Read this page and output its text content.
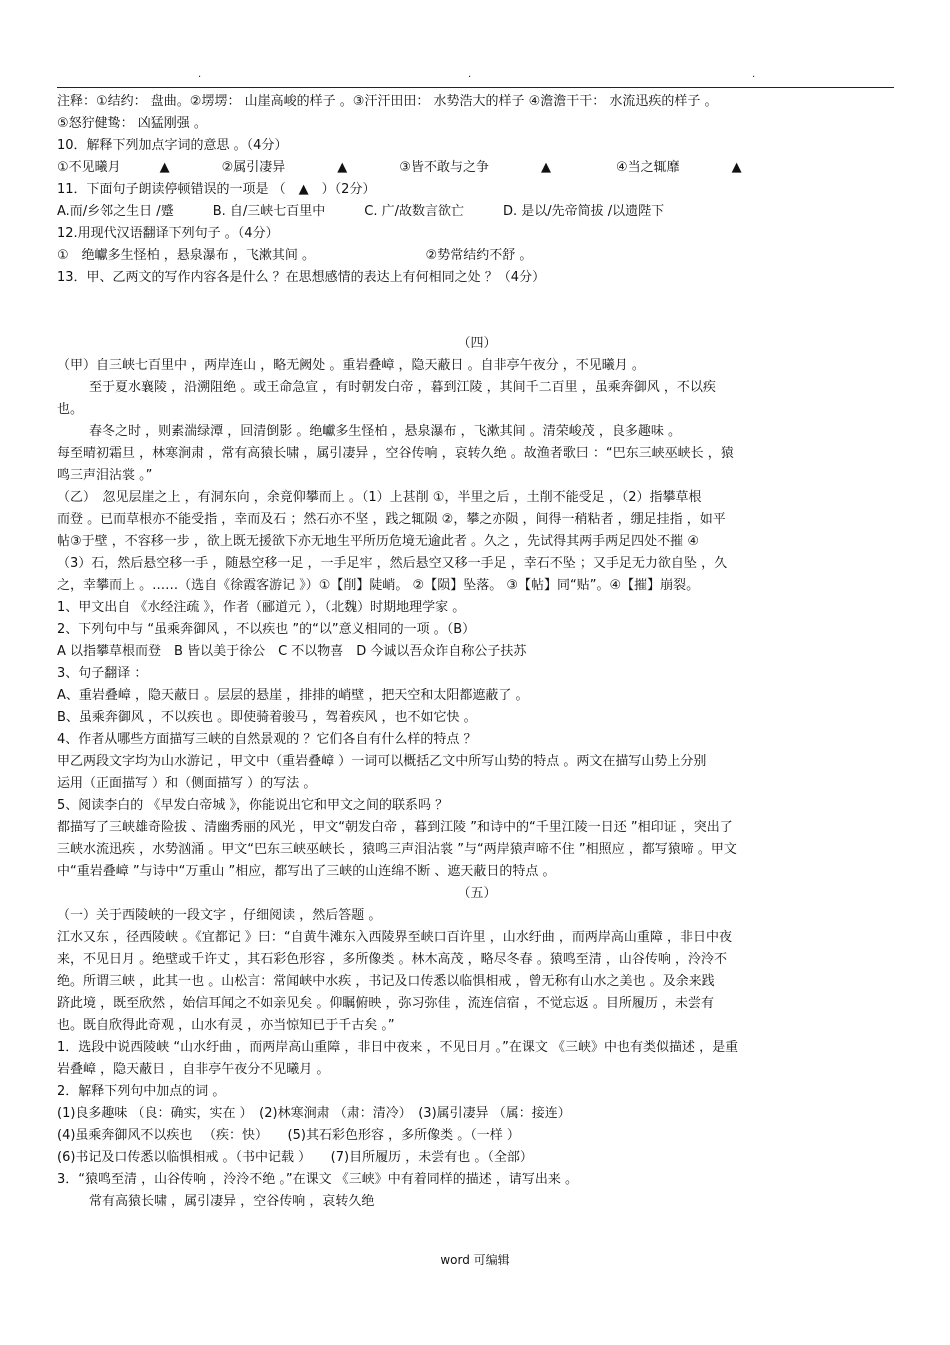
.	.	.
注释：①结约： 盘曲。②塄塄： 山崖高峻的样子 。③汗汗田田： 水势浩大的样子 ④澹澹干干： 水流迅疾的样子 。
⑤怒狞健鸷： 凶猛刚强 。
10．解释下列加点字词的意思 。（4分）
①不见曦月　　　▲　　　　②属引凄异　　　　▲　　　　③皆不敢与之争　　　　▲　　　　　④当之辄靡　　　　▲
11．下面句子朗读停顿错误的一项是 （　▲　）（2分）
A.而/乡邻之生日 /蹙　　　B. 自/三峡七百里中　　　C. 广/故数言欲亡　　　D. 是以/先帝简拔 /以遗陛下
12.用现代汉语翻译下列句子 。（4分）
①　绝巘多生怪柏 ，悬泉瀑布 ，飞漱其间 。　　　　　　　　　②势常结约不舒 。
13．甲、乙两文的写作内容各是什么 ？在思想感情的表达上有何相同之处 ？（4分）
（四）
（甲）自三峡七百里中 ，两岸连山 ，略无阙处 。重岩叠嶂 ，隐天蔽日 。自非亭午夜分 ，不见曦月 。
至于夏水襄陵 ，沿溯阻绝 。或王命急宣 ，有时朝发白帝 ，暮到江陵 ，其间千二百里 ，虽乘奔御风 ，不以疾
也。
春冬之时 ，则素湍绿潭 ，回清倒影 。绝巘多生怪柏 ，悬泉瀑布 ，飞漱其间 。清荣峻茂 ，良多趣味 。
每至晴初霜旦 ，林寒涧肃 ，常有高猿长啸 ，属引凄异 ，空谷传响 ，哀转久绝 。故渔者歌曰 ：“巴东三峡巫峡长 ，猿
鸣三声泪沾裳 。”
（乙）　忽见层崖之上 ，有洞东向 ，余竟仰攀而上 。（1）上甚削 ①，半里之后 ，土削不能受足 ，（2）指攀草根
而登 。已而草根亦不能受指 ，幸而及石 ；然石亦不坚 ，践之辄陨 ②，攀之亦陨 ，间得一稍粘者 ，绷足挂指 ，如平
帖③于壁 ，不容移一步 ，欲上既无援欲下亦无地生平所历危境无逾此者 。久之 ，先试得其两手两足四处不摧 ④
（3）石，然后悬空移一手 ，随悬空移一足 ，一手足牢 ，然后悬空又移一手足 ，幸石不坠 ；又手足无力欲自坠 ，久
之，幸攀而上 。……（选自《徐霞客游记 》）①【削】陡峭。 ②【陨】坠落。 ③【帖】同“贴”。④【摧】崩裂。
1、甲文出自 《水经注疏 》，作者（郦道元 ），（北魏）时期地理学家 。
2、下列句中与 “虽乘奔御风 ，不以疾也 ”的“以”意义相同的一项 。（B）
A 以指攀草根而登　B 皆以美于徐公　C 不以物喜　D 今诚以吾众诈自称公子扶苏
3、句子翻译 ：
A、重岩叠嶂 ，隐天蔽日 。层层的悬崖 ，排排的峭壁 ，把天空和太阳都遮蔽了 。
B、虽乘奔御风 ，不以疾也 。即使骑着骏马 ，驾着疾风 ，也不如它快 。
4、作者从哪些方面描写三峡的自然景观的 ？它们各自有什么样的特点 ？
甲乙两段文字均为山水游记 ，甲文中（重岩叠嶂 ）一词可以概括乙文中所写山势的特点 。两文在描写山势上分别
运用（正面描写 ）和（侧面描写 ）的写法 。
5、阅读李白的 《早发白帝城 》，你能说出它和甲文之间的联系吗 ？
都描写了三峡雄奇险拔 、清幽秀丽的风光 ，甲文“朝发白帝 ，暮到江陵 ”和诗中的“千里江陵一日还 ”相印证 ，突出了
三峡水流迅疾 ，水势汹涌 。甲文“巴东三峡巫峡长 ，猿鸣三声泪沾裳 ”与“两岸猿声啼不住 ”相照应 ，都写猿啼 。甲文
中“重岩叠嶂 ”与诗中“万重山 ”相应，都写出了三峡的山连绵不断 、遮天蔽日的特点 。
（五）
（一）关于西陵峡的一段文字 ，仔细阅读 ，然后答题 。
江水又东 ，径西陵峡 。《宜都记 》曰：“自黄牛滩东入西陵界至峡口百许里 ，山水纡曲 ，而两岸高山重障 ，非日中夜
来，不见日月 。绝壁或千许丈 ，其石彩色形容 ，多所像类 。林木高茂 ，略尽冬春 。猿鸣至清 ，山谷传响 ，泠泠不
绝。所谓三峡 ，此其一也 。山松言：常闻峡中水疾 ，书记及口传悉以临惧相戒 ，曾无称有山水之美也 。及余来践
跻此境 ，既至欣然 ，始信耳闻之不如亲见矣 。仰瞩俯映 ，弥习弥佳 ，流连信宿 ，不觉忘返 。目所履历 ，未尝有
也。既自欣得此奇观 ，山水有灵 ，亦当惊知已于千古矣 。”
1．选段中说西陵峡 “山水纡曲 ，而两岸高山重障 ，非日中夜来 ，不见日月 。”在课文 《三峡》中也有类似描述 ，是重
岩叠嶂 ，隐天蔽日 ，自非亭午夜分不见曦月 。
2．解释下列句中加点的词 。
(1)良多趣味 （良：确实，实在 ）　(2)林寒涧肃 （肃：清冷）　(3)属引凄异 （属：接连）
(4)虽乘奔御风不以疾也 　（疾：快）　　(5)其石彩色形容 ，多所像类 。（一样 ）
(6)书记及口传悉以临惧相戒 。（书中记载 ）　　(7)目所履历 ，未尝有也 。（全部）
3．“猿鸣至清 ，山谷传响 ，泠泠不绝 。”在课文 《三峡》中有着同样的描述 ，请写出来 。
常有高猿长啸 ，属引凄异 ，空谷传响 ，哀转久绝
word 可编辑
